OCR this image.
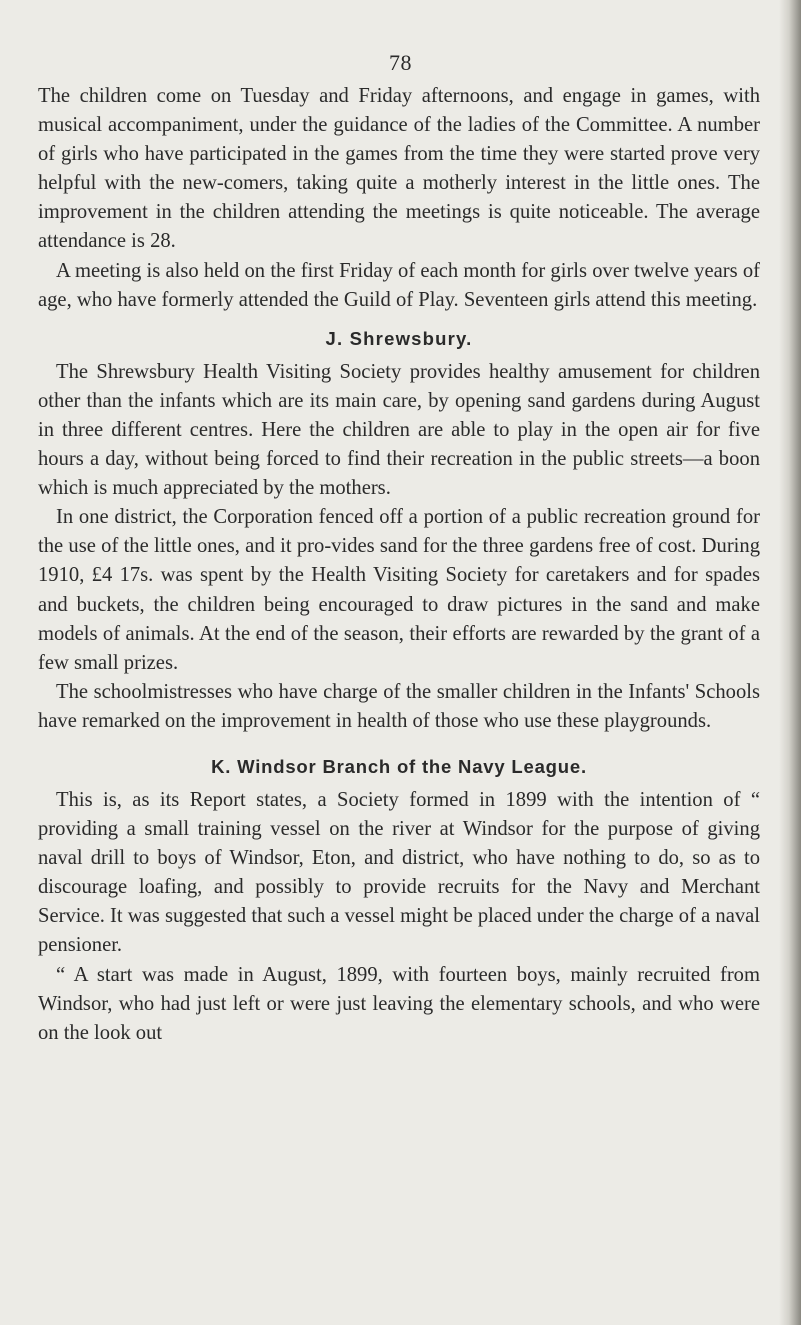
78

The children come on Tuesday and Friday afternoons, and engage in games, with musical accompaniment, under the guidance of the ladies of the Committee. A number of girls who have participated in the games from the time they were started prove very helpful with the new-comers, taking quite a motherly interest in the little ones. The improvement in the children attending the meetings is quite noticeable. The average attendance is 28.

A meeting is also held on the first Friday of each month for girls over twelve years of age, who have formerly attended the Guild of Play. Seventeen girls attend this meeting.

J. Shrewsbury.

The Shrewsbury Health Visiting Society provides healthy amusement for children other than the infants which are its main care, by opening sand gardens during August in three different centres. Here the children are able to play in the open air for five hours a day, without being forced to find their recreation in the public streets—a boon which is much appreciated by the mothers.

In one district, the Corporation fenced off a portion of a public recreation ground for the use of the little ones, and it pro-vides sand for the three gardens free of cost. During 1910, £4 17s. was spent by the Health Visiting Society for caretakers and for spades and buckets, the children being encouraged to draw pictures in the sand and make models of animals. At the end of the season, their efforts are rewarded by the grant of a few small prizes.

The schoolmistresses who have charge of the smaller children in the Infants' Schools have remarked on the improvement in health of those who use these playgrounds.

K. Windsor Branch of the Navy League.

This is, as its Report states, a Society formed in 1899 with the intention of “ providing a small training vessel on the river at Windsor for the purpose of giving naval drill to boys of Windsor, Eton, and district, who have nothing to do, so as to discourage loafing, and possibly to provide recruits for the Navy and Merchant Service. It was suggested that such a vessel might be placed under the charge of a naval pensioner.

“ A start was made in August, 1899, with fourteen boys, mainly recruited from Windsor, who had just left or were just leaving the elementary schools, and who were on the look out
